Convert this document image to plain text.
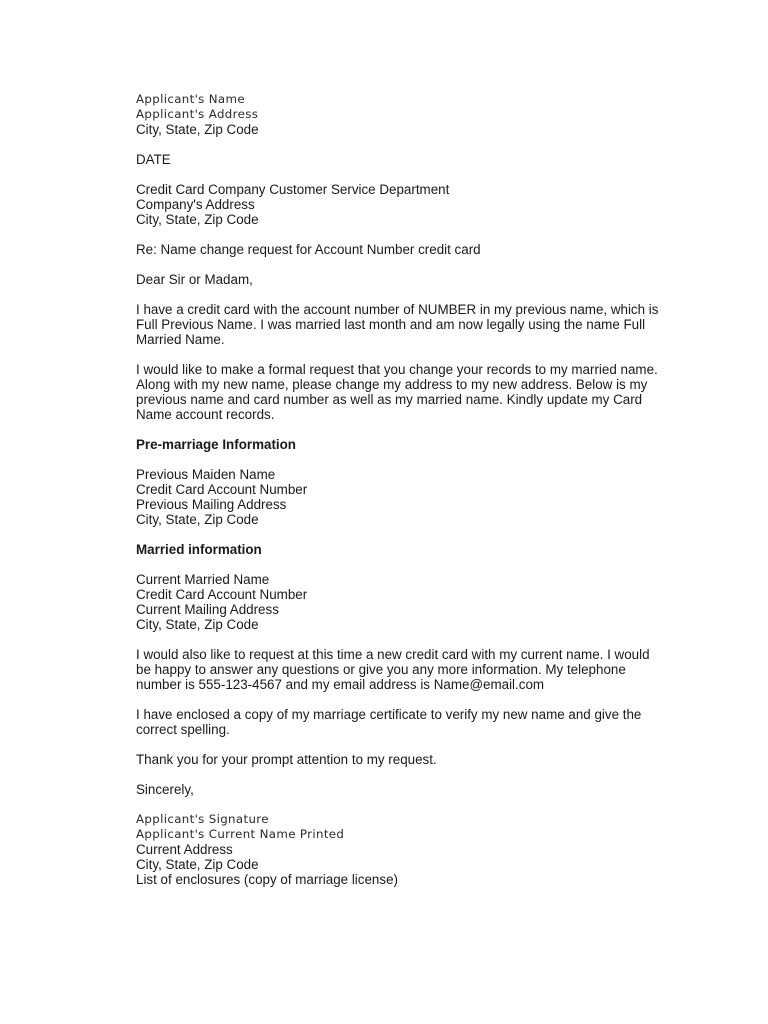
Applicant's Name
Applicant's Address
City, State, Zip Code
DATE
Credit Card Company Customer Service Department
Company's Address
City, State, Zip Code
Re: Name change request for Account Number credit card
Dear Sir or Madam,
I have a credit card with the account number of NUMBER in my previous name, which is
Full Previous Name. I was married last month and am now legally using the name Full
Married Name.
I would like to make a formal request that you change your records to my married name.
Along with my new name, please change my address to my new address. Below is my
previous name and card number as well as my married name. Kindly update my Card
Name account records.
Pre-marriage Information
Previous Maiden Name
Credit Card Account Number
Previous Mailing Address
City, State, Zip Code
Married information
Current Married Name
Credit Card Account Number
Current Mailing Address
City, State, Zip Code
I would also like to request at this time a new credit card with my current name. I would
be happy to answer any questions or give you any more information. My telephone
number is 555-123-4567 and my email address is Name@email.com
I have enclosed a copy of my marriage certificate to verify my new name and give the
correct spelling.
Thank you for your prompt attention to my request.
Sincerely,
Applicant's Signature
Applicant's Current Name Printed
Current Address
City, State, Zip Code
List of enclosures (copy of marriage license)
